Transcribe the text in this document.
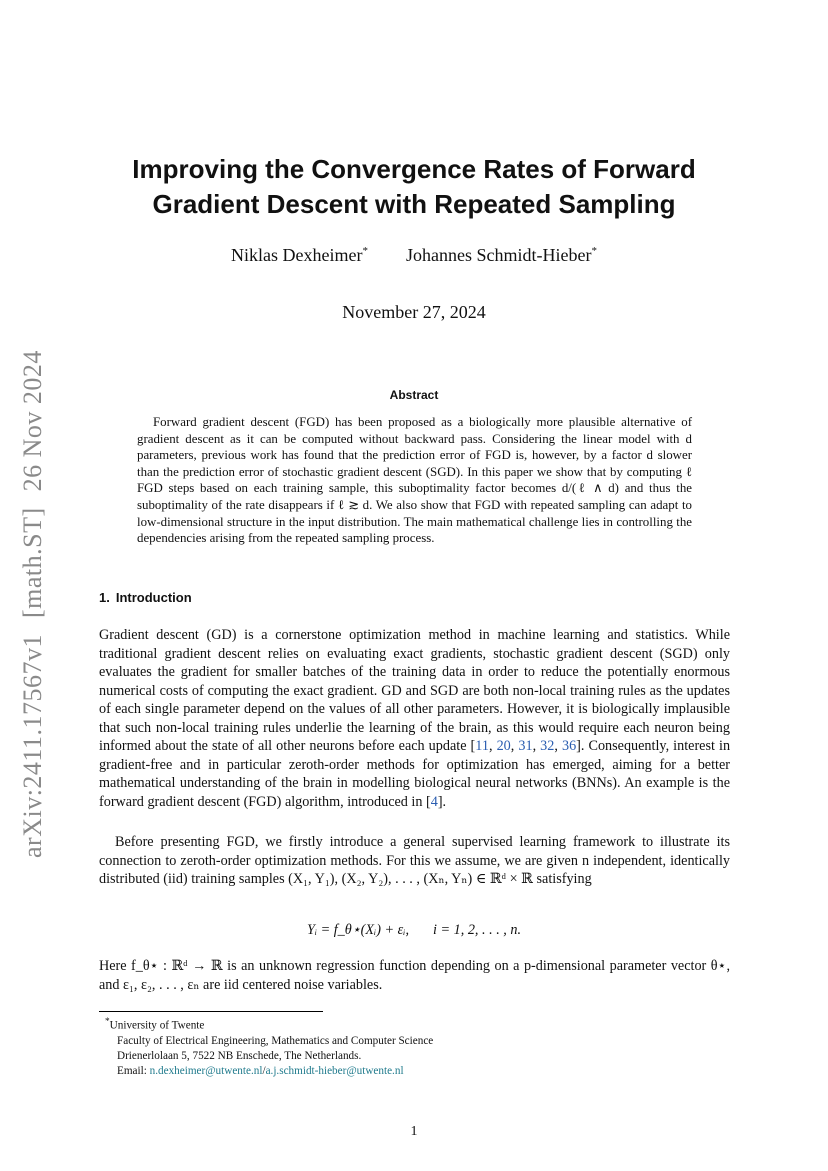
arXiv:2411.17567v1[math.ST]26 Nov 2024
Improving the Convergence Rates of Forward
Gradient Descent with Repeated Sampling
Niklas Dexheimer* Johannes Schmidt-Hieber*
November 27, 2024
Abstract

Forward gradient descent (FGD) has been proposed as a biologically more plausible alternative of gradient descent as it can be computed without backward pass. Considering the linear model with d parameters, previous work has found that the prediction error of FGD is, however, by a factor d slower than the prediction error of stochastic gradient descent (SGD). In this paper we show that by computing ℓ FGD steps based on each training sample, this suboptimality factor becomes d/(ℓ ∧ d) and thus the suboptimality of the rate disappears if ℓ ≳ d. We also show that FGD with repeated sampling can adapt to low-dimensional structure in the input distribution. The main mathematical challenge lies in controlling the dependencies arising from the repeated sampling process.

1. Introduction

Gradient descent (GD) is a cornerstone optimization method in machine learning and statistics. While traditional gradient descent relies on evaluating exact gradients, stochastic gradient descent (SGD) only evaluates the gradient for smaller batches of the training data in order to reduce the potentially enormous numerical costs of computing the exact gradient. GD and SGD are both non-local training rules as the updates of each single parameter depend on the values of all other parameters. However, it is biologically implausible that such non-local training rules underlie the learning of the brain, as this would require each neuron being informed about the state of all other neurons before each update [11, 20, 31, 32, 36]. Consequently, interest in gradient-free and in particular zeroth-order methods for optimization has emerged, aiming for a better mathematical understanding of the brain in modelling biological neural networks (BNNs). An example is the forward gradient descent (FGD) algorithm, introduced in [4].

Before presenting FGD, we firstly introduce a general supervised learning framework to illustrate its connection to zeroth-order optimization methods. For this we assume, we are given n independent, identically distributed (iid) training samples (X₁, Y₁), (X₂, Y₂), . . . , (Xₙ, Yₙ) ∈ ℝᵈ × ℝ satisfying

Yᵢ = f_θ⋆(Xᵢ) + εᵢ, i = 1, 2, . . . , n.

Here f_θ⋆ : ℝᵈ → ℝ is an unknown regression function depending on a p-dimensional parameter vector θ⋆, and ε₁, ε₂, . . . , εₙ are iid centered noise variables.

*University of Twente
Faculty of Electrical Engineering, Mathematics and Computer Science
Drienerlolaan 5, 7522 NB Enschede, The Netherlands.
Email: n.dexheimer@utwente.nl/a.j.schmidt-hieber@utwente.nl
1
